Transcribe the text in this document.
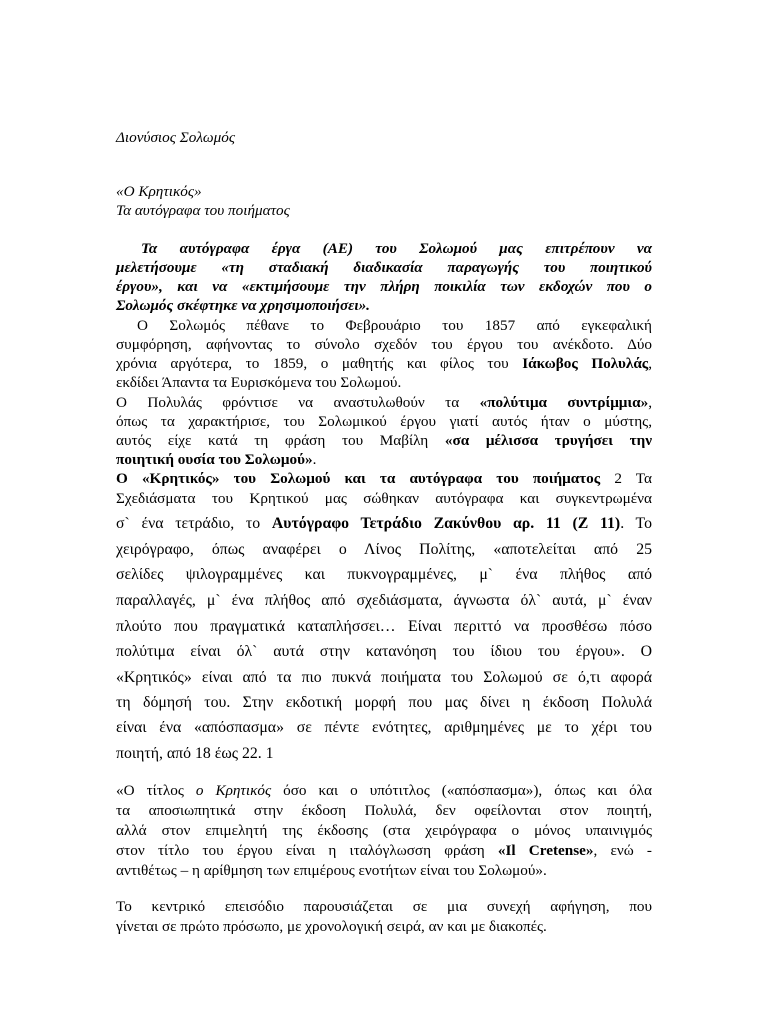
Διονύσιος Σολωμός
«Ο Κρητικός»
Τα αυτόγραφα του ποιήματος
Τα αυτόγραφα έργα (ΑΕ) του Σολωμού μας επιτρέπουν να
μελετήσουμε «τη σταδιακή διαδικασία παραγωγής του ποιητικού
έργου», και να «εκτιμήσουμε την πλήρη ποικιλία των εκδοχών που ο
Σολωμός σκέφτηκε να χρησιμοποιήσει».
Ο Σολωμός πέθανε το Φεβρουάριο του 1857 από εγκεφαλική
συμφόρηση, αφήνοντας το σύνολο σχεδόν του έργου του ανέκδοτο. Δύο
χρόνια αργότερα, το 1859, ο μαθητής και φίλος του Ιάκωβος Πολυλάς,
εκδίδει Άπαντα τα Ευρισκόμενα του Σολωμού.
Ο Πολυλάς φρόντισε να αναστυλωθούν τα «πολύτιμα συντρίμμια»,
όπως τα χαρακτήρισε, του Σολωμικού έργου γιατί αυτός ήταν ο μύστης,
αυτός είχε κατά τη φράση του Μαβίλη «σα μέλισσα τρυγήσει την
ποιητική ουσία του Σολωμού».
Ο «Κρητικός» του Σολωμού και τα αυτόγραφα του ποιήματος 2 Τα
Σχεδιάσματα του Κρητικού μας σώθηκαν αυτόγραφα και συγκεντρωμένα
σ` ένα τετράδιο, το Αυτόγραφο Τετράδιο Ζακύνθου αρ. 11 (Ζ 11). Το
χειρόγραφο, όπως αναφέρει ο Λίνος Πολίτης, «αποτελείται από 25
σελίδες ψιλογραμμένες και πυκνογραμμένες, μ` ένα πλήθος από
παραλλαγές, μ` ένα πλήθος από σχεδιάσματα, άγνωστα όλ` αυτά, μ` έναν
πλούτο που πραγματικά καταπλήσσει… Είναι περιττό να προσθέσω πόσο
πολύτιμα είναι όλ` αυτά στην κατανόηση του ίδιου του έργου». Ο
«Κρητικός» είναι από τα πιο πυκνά ποιήματα του Σολωμού σε ό,τι αφορά
τη δόμησή του. Στην εκδοτική μορφή που μας δίνει η έκδοση Πολυλά
είναι ένα «απόσπασμα» σε πέντε ενότητες, αριθμημένες με το χέρι του
ποιητή, από 18 έως 22. 1
«Ο τίτλος ο Κρητικός όσο και ο υπότιτλος («απόσπασμα»), όπως και όλα
τα αποσιωπητικά στην έκδοση Πολυλά, δεν οφείλονται στον ποιητή,
αλλά στον επιμελητή της έκδοσης (στα χειρόγραφα ο μόνος υπαινιγμός
στον τίτλο του έργου είναι η ιταλόγλωσση φράση «Il Cretense», ενώ -
αντιθέτως – η αρίθμηση των επιμέρους ενοτήτων είναι του Σολωμού».
Το κεντρικό επεισόδιο παρουσιάζεται σε μια συνεχή αφήγηση, που
γίνεται σε πρώτο πρόσωπο, με χρονολογική σειρά, αν και με διακοπές.
